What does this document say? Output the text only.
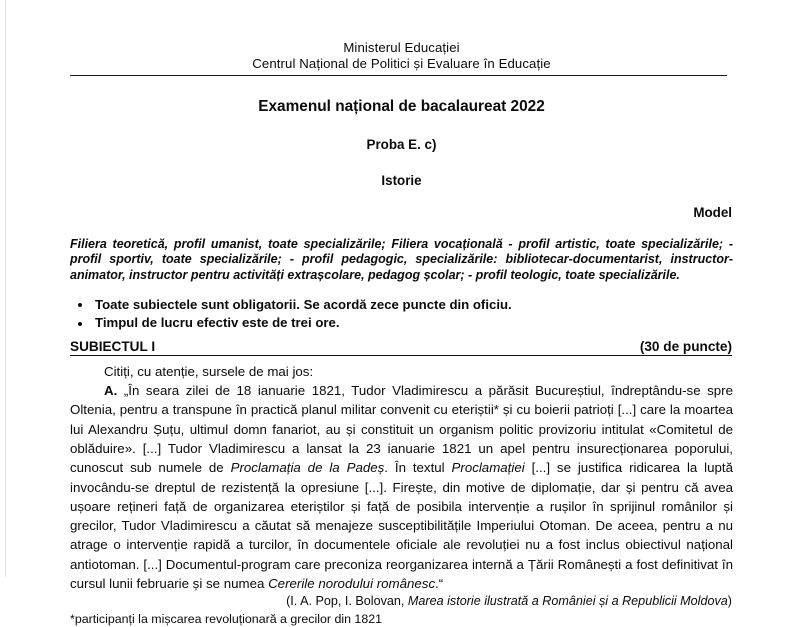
Ministerul Educației
Centrul Național de Politici și Evaluare în Educație
Examenul național de bacalaureat 2022
Proba E. c)
Istorie
Model
Filiera teoretică, profil umanist, toate specializările; Filiera vocațională - profil artistic, toate specializările; - profil sportiv, toate specializările; - profil pedagogic, specializările: bibliotecar-documentarist, instructor-animator, instructor pentru activități extrașcolare, pedagog școlar; - profil teologic, toate specializările.
Toate subiectele sunt obligatorii. Se acordă zece puncte din oficiu.
Timpul de lucru efectiv este de trei ore.
SUBIECTUL I	(30 de puncte)

Citiți, cu atenție, sursele de mai jos:

A. „În seara zilei de 18 ianuarie 1821, Tudor Vladimirescu a părăsit Bucureștiul, îndreptându-se spre Oltenia, pentru a transpune în practică planul militar convenit cu eteriștii* și cu boierii patrioți [...] care la moartea lui Alexandru Șuțu, ultimul domn fanariot, au și constituit un organism politic provizoriu intitulat «Comitetul de oblăduire». [...] Tudor Vladimirescu a lansat la 23 ianuarie 1821 un apel pentru insurecționarea poporului, cunoscut sub numele de Proclamația de la Padeș. În textul Proclamației [...] se justifica ridicarea la luptă invocându-se dreptul de rezistență la opresiune [...]. Firește, din motive de diplomație, dar și pentru că avea ușoare rețineri față de organizarea eteriștilor și față de posibila intervenție a rușilor în sprijinul românilor și grecilor, Tudor Vladimirescu a căutat să menajeze susceptibilitățile Imperiului Otoman. De aceea, pentru a nu atrage o intervenție rapidă a turcilor, în documentele oficiale ale revoluției nu a fost inclus obiectivul național antiotoman. [...] Documentul-program care preconiza reorganizarea internă a Țării Românești a fost definitivat în cursul lunii februarie și se numea Cererile norodului românesc.“

(I. A. Pop, I. Bolovan, Marea istorie ilustrată a României și a Republicii Moldova)
*participanți la mișcarea revoluționară a grecilor din 1821
